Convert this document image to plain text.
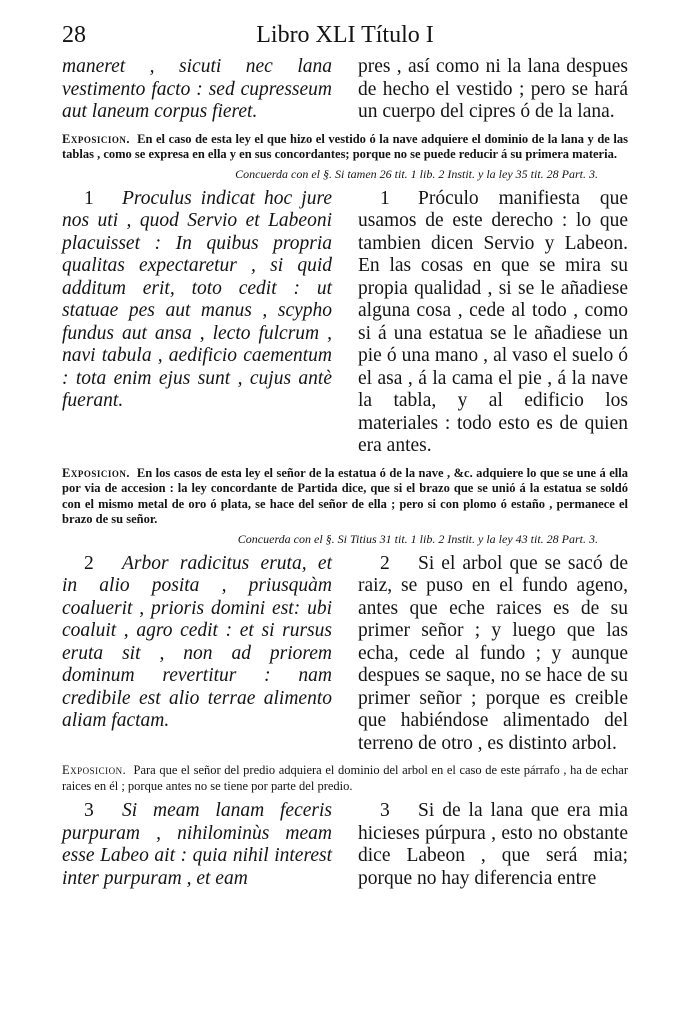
28	Libro XLI Título I
maneret , sicuti nec lana vestimento facto : sed cupresseum aut laneum corpus fieret.
pres , así como ni la lana despues de hecho el vestido ; pero se hará un cuerpo del cipres ó de la lana.
Exposicion. En el caso de esta ley el que hizo el vestido ó la nave adquiere el dominio de la lana y de las tablas , como se expresa en ella y en sus concordantes; porque no se puede reducir á su primera materia.
Concuerda con el §. Si tamen 26 tit. 1 lib. 2 Instit. y la ley 35 tit. 28 Part. 3.
1 Proculus indicat hoc jure nos uti , quod Servio et Labeoni placuisset : In quibus propria qualitas expectaretur , si quid additum erit, toto cedit : ut statuae pes aut manus , scypho fundus aut ansa , lecto fulcrum , navi tabula , aedificio caementum : tota enim ejus sunt , cujus antè fuerant.
1 Próculo manifiesta que usamos de este derecho : lo que tambien dicen Servio y Labeon. En las cosas en que se mira su propia qualidad , si se le añadiese alguna cosa , cede al todo , como si á una estatua se le añadiese un pie ó una mano , al vaso el suelo ó el asa , á la cama el pie , á la nave la tabla, y al edificio los materiales : todo esto es de quien era antes.
Exposicion. En los casos de esta ley el señor de la estatua ó de la nave , &c. adquiere lo que se une á ella por via de accesion : la ley concordante de Partida dice, que si el brazo que se unió á la estatua se soldó con el mismo metal de oro ó plata, se hace del señor de ella ; pero si con plomo ó estaño , permanece el brazo de su señor.
Concuerda con el §. Si Titius 31 tit. 1 lib. 2 Instit. y la ley 43 tit. 28 Part. 3.
2 Arbor radicitus eruta, et in alio posita , priusquàm coaluerit , prioris domini est: ubi coaluit , agro cedit : et si rursus eruta sit , non ad priorem dominum revertitur : nam credibile est alio terrae alimento aliam factam.
2 Si el arbol que se sacó de raiz, se puso en el fundo ageno, antes que eche raices es de su primer señor ; y luego que las echa, cede al fundo ; y aunque despues se saque, no se hace de su primer señor ; porque es creible que habiéndose alimentado del terreno de otro , es distinto arbol.
Exposicion. Para que el señor del predio adquiera el dominio del arbol en el caso de este párrafo , ha de echar raices en él ; porque antes no se tiene por parte del predio.
3 Si meam lanam feceris purpuram , nihilominùs meam esse Labeo ait : quia nihil interest inter purpuram , et eam
3 Si de la lana que era mia hicieses púrpura , esto no obstante dice Labeon , que será mia; porque no hay diferencia entre
